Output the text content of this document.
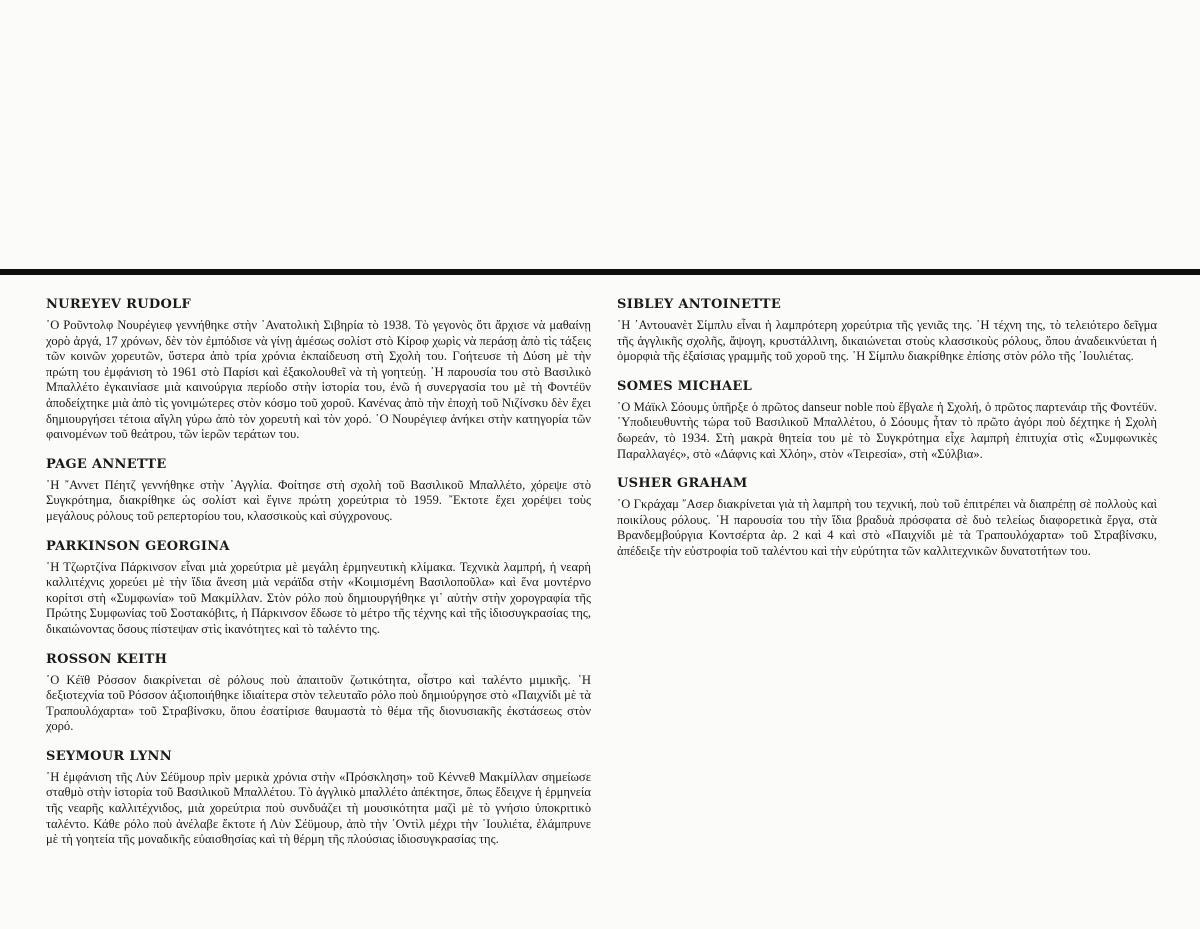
NUREYEV RUDOLF

῾Ο Ροῦντολφ Νουρέγιεφ γεννήθηκε στὴν ᾿Ανατολικὴ Σιβηρία τὸ 1938. Τὸ γεγονὸς ὅτι ἄρχισε νὰ μαθαίνῃ χορὸ ἀργά, 17 χρόνων, δὲν τὸν ἐμπόδισε νὰ γίνῃ ἀμέσως σολίστ στὸ Κίροφ χωρὶς νὰ περάσῃ ἀπὸ τὶς τάξεις τῶν κοινῶν χορευτῶν, ὕστερα ἀπὸ τρία χρόνια ἐκπαίδευση στὴ Σχολὴ του. Γοήτευσε τὴ Δύση μὲ τὴν πρώτη του ἐμφάνιση τὸ 1961 στὸ Παρίσι καὶ ἐξακολουθεῖ νὰ τὴ γοητεύῃ. ῾Η παρουσία του στὸ Βασιλικὸ Μπαλλέτο ἐγκαινίασε μιὰ καινούργια περίοδο στὴν ἱστορία του, ἐνῶ ἡ συνεργασία του μὲ τὴ Φοντέϋν ἀποδείχτηκε μιὰ ἀπὸ τὶς γονιμώτερες στὸν κόσμο τοῦ χοροῦ. Κανένας ἀπὸ τὴν ἐποχὴ τοῦ Νιζίνσκυ δὲν ἔχει δημιουργήσει τέτοια αἴγλη γύρω ἀπὸ τὸν χορευτὴ καὶ τὸν χορό. ῾Ο Νουρέγιεφ ἀνήκει στὴν κατηγορία τῶν φαινομένων τοῦ θεάτρου, τῶν ἱερῶν τεράτων του.

PAGE ANNETTE

῾Η ῎Αννετ Πέητζ γεννήθηκε στὴν ᾿Αγγλία. Φοίτησε στὴ σχολὴ τοῦ Βασιλικοῦ Μπαλλέτο, χόρεψε στὸ Συγκρότημα, διακρίθηκε ὡς σολίστ καὶ ἔγινε πρώτη χορεύτρια τὸ 1959. ῎Εκτοτε ἔχει χορέψει τοὺς μεγάλους ρόλους τοῦ ρεπερτορίου του, κλασσικοὺς καὶ σύγχρονους.

PARKINSON GEORGINA

῾Η Τζωρτζίνα Πάρκινσον εἶναι μιὰ χορεύτρια μὲ μεγάλη ἑρμηνευτικὴ κλίμακα. Τεχνικὰ λαμπρή, ἡ νεαρὴ καλλιτέχνις χορεύει μὲ τὴν ἴδια ἄνεση μιὰ νεράϊδα στὴν «Κοιμισμένη Βασιλοποῦλα» καὶ ἕνα μοντέρνο κορίτσι στὴ «Συμφωνία» τοῦ Μακμίλλαν. Στὸν ρόλο ποὺ δημιουργήθηκε γι᾿ αὐτὴν στὴν χορογραφία τῆς Πρώτης Συμφωνίας τοῦ Σοστακόβιτς, ἡ Πάρκινσον ἔδωσε τὸ μέτρο τῆς τέχνης καὶ τῆς ἰδιοσυγκρασίας της, δικαιώνοντας ὅσους πίστεψαν στὶς ἱκανότητες καὶ τὸ ταλέντο της.

ROSSON KEITH

῾Ο Κέϊθ Ρόσσον διακρίνεται σὲ ρόλους ποὺ ἀπαιτοῦν ζωτικότητα, οἶστρο καὶ ταλέντο μιμικῆς. ῾Η δεξιοτεχνία τοῦ Ρόσσον ἀξιοποιήθηκε ἰδιαίτερα στὸν τελευταῖο ρόλο ποὺ δημιούργησε στὸ «Παιχνίδι μὲ τὰ Τραπουλόχαρτα» τοῦ Στραβίνσκυ, ὅπου ἐσατίρισε θαυμαστὰ τὸ θέμα τῆς διονυσιακῆς ἐκστάσεως στὸν χορό.

SEYMOUR LYNN

῾Η ἐμφάνιση τῆς Λὺν Σέϋμουρ πρὶν μερικὰ χρόνια στὴν «Πρόσκληση» τοῦ Κέννεθ Μακμίλλαν σημείωσε σταθμὸ στὴν ἱστορία τοῦ Βασιλικοῦ Μπαλλέτου. Τὸ ἀγγλικὸ μπαλλέτο ἀπέκτησε, ὅπως ἔδειχνε ἡ ἑρμηνεία τῆς νεαρῆς καλλιτέχνιδος, μιὰ χορεύτρια ποὺ συνδυάζει τὴ μουσικότητα μαζὶ μὲ τὸ γνήσιο ὑποκριτικὸ ταλέντο. Κάθε ρόλο ποὺ ἀνέλαβε ἔκτοτε ἡ Λὺν Σέϋμουρ, ἀπὸ τὴν ᾿Οντὶλ μέχρι τὴν ᾿Ιουλιέτα, ἐλάμπρυνε μὲ τὴ γοητεία τῆς μοναδικῆς εὐαισθησίας καὶ τὴ θέρμη τῆς πλούσιας ἰδιοσυγκρασίας της.

SIBLEY ANTOINETTE

῾Η ᾿Αντουανὲτ Σίμπλυ εἶναι ἡ λαμπρότερη χορεύτρια τῆς γενιᾶς της. ῾Η τέχνη της, τὸ τελειότερο δεῖγμα τῆς ἀγγλικῆς σχολῆς, ἄψογη, κρυστάλλινη, δικαιώνεται στοὺς κλασσικοὺς ρόλους, ὅπου ἀναδεικνύεται ἡ ὀμορφιὰ τῆς ἐξαίσιας γραμμῆς τοῦ χοροῦ της. ῾Η Σίμπλυ διακρίθηκε ἐπίσης στὸν ρόλο τῆς ᾿Ιουλιέτας.

SOMES MICHAEL

῾Ο Μάϊκλ Σόουμς ὑπῆρξε ὁ πρῶτος danseur noble ποὺ ἔβγαλε ἡ Σχολή, ὁ πρῶτος παρτενάιρ τῆς Φοντέϋν. ῾Υποδιευθυντὴς τώρα τοῦ Βασιλικοῦ Μπαλλέτου, ὁ Σόουμς ἦταν τὸ πρῶτο ἀγόρι ποὺ δέχτηκε ἡ Σχολὴ δωρεάν, τὸ 1934. Στὴ μακρὰ θητεία του μὲ τὸ Συγκρότημα εἶχε λαμπρὴ ἐπιτυχία στὶς «Συμφωνικὲς Παραλλαγές», στὸ «Δάφνις καὶ Χλόη», στὸν «Τειρεσία», στὴ «Σύλβια».

USHER GRAHAM

῾Ο Γκράχαμ ῎Ασερ διακρίνεται γιὰ τὴ λαμπρὴ του τεχνική, ποὺ τοῦ ἐπιτρέπει νὰ διαπρέπῃ σὲ πολλοὺς καὶ ποικίλους ρόλους. ῾Η παρουσία του τὴν ἴδια βραδυὰ πρόσφατα σὲ δυὸ τελείως διαφορετικὰ ἔργα, στὰ Βρανδεμβούργια Κοντσέρτα ἀρ. 2 καὶ 4 καὶ στὸ «Παιχνίδι μὲ τὰ Τραπουλόχαρτα» τοῦ Στραβίνσκυ, ἀπέδειξε τὴν εὐστροφία τοῦ ταλέντου καὶ τὴν εὐρύτητα τῶν καλλιτεχνικῶν δυνατοτήτων του.
